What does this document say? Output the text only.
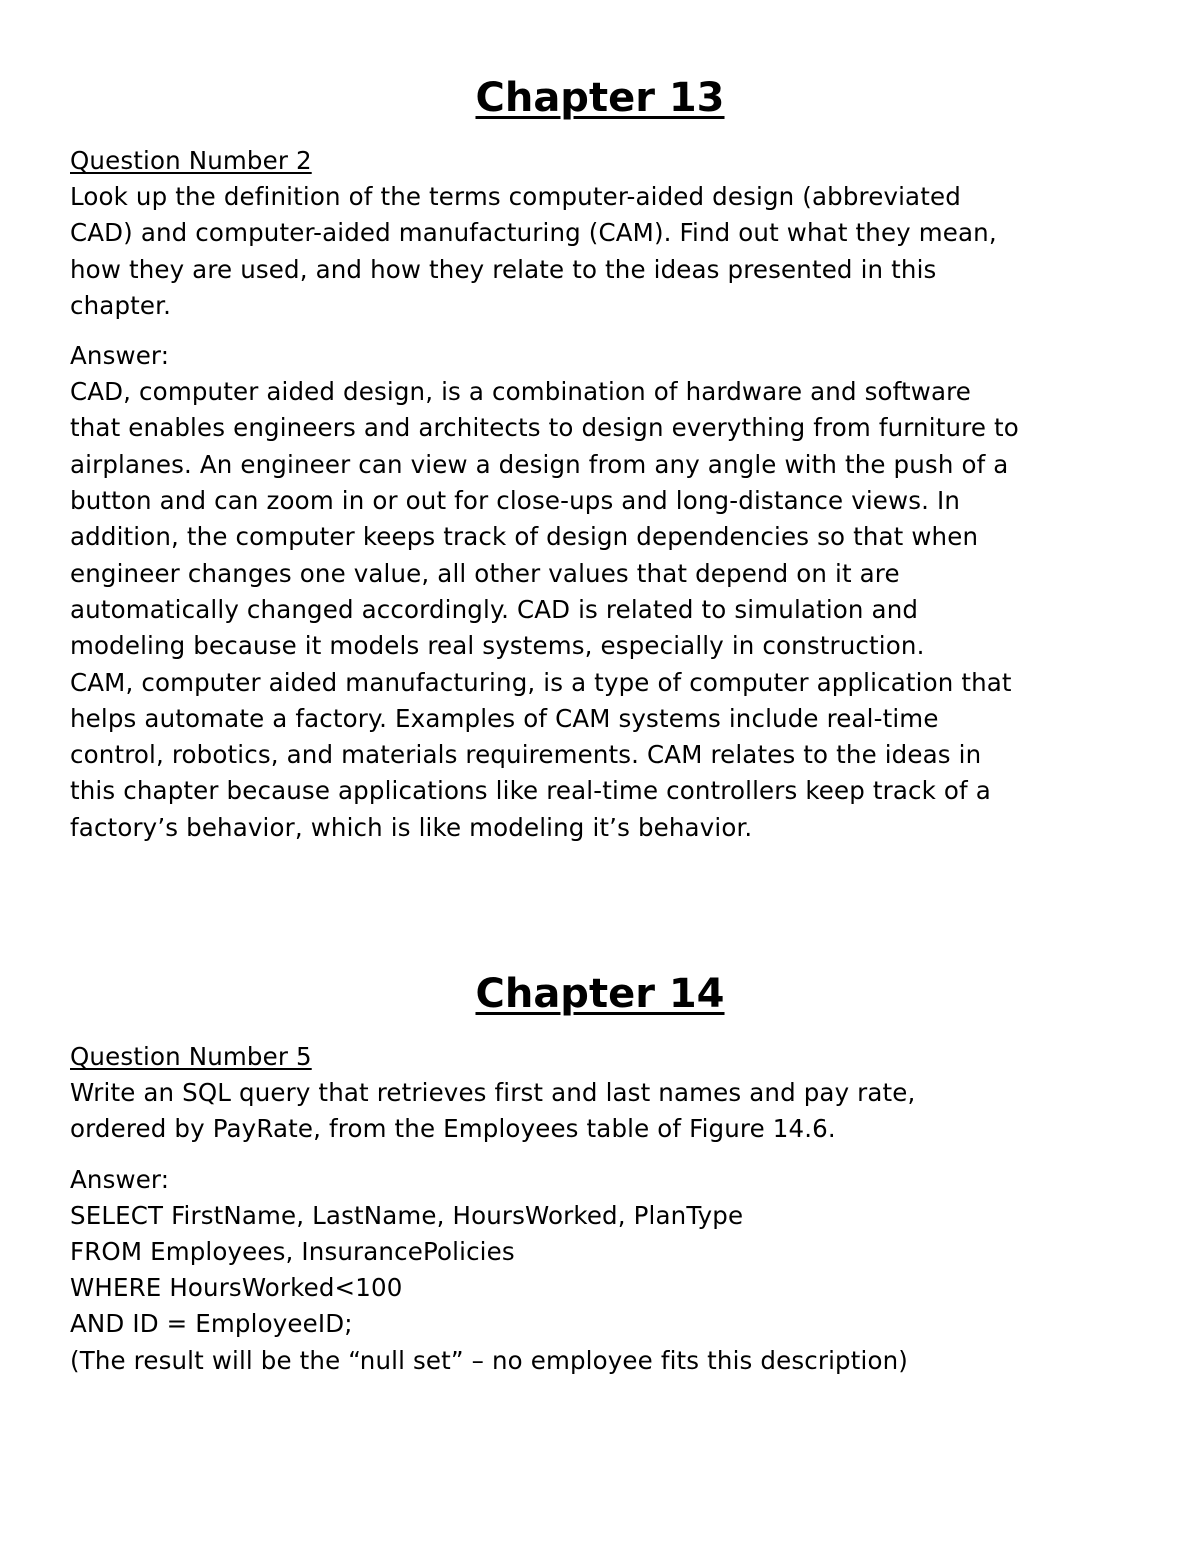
Chapter 13

Question Number 2

Look up the definition of the terms computer-aided design (abbreviated
CAD) and computer-aided manufacturing (CAM). Find out what they mean,
how they are used, and how they relate to the ideas presented in this
chapter.

Answer:

CAD, computer aided design, is a combination of hardware and software
that enables engineers and architects to design everything from furniture to
airplanes. An engineer can view a design from any angle with the push of a
button and can zoom in or out for close-ups and long-distance views. In
addition, the computer keeps track of design dependencies so that when
engineer changes one value, all other values that depend on it are
automatically changed accordingly. CAD is related to simulation and
modeling because it models real systems, especially in construction.
CAM, computer aided manufacturing, is a type of computer application that
helps automate a factory. Examples of CAM systems include real-time
control, robotics, and materials requirements. CAM relates to the ideas in
this chapter because applications like real-time controllers keep track of a
factory’s behavior, which is like modeling it’s behavior.

Chapter 14

Question Number 5

Write an SQL query that retrieves first and last names and pay rate,
ordered by PayRate, from the Employees table of Figure 14.6.

Answer:

SELECT FirstName, LastName, HoursWorked, PlanType
FROM Employees, InsurancePolicies
WHERE HoursWorked<100
AND ID = EmployeeID;
(The result will be the “null set” – no employee fits this description)
